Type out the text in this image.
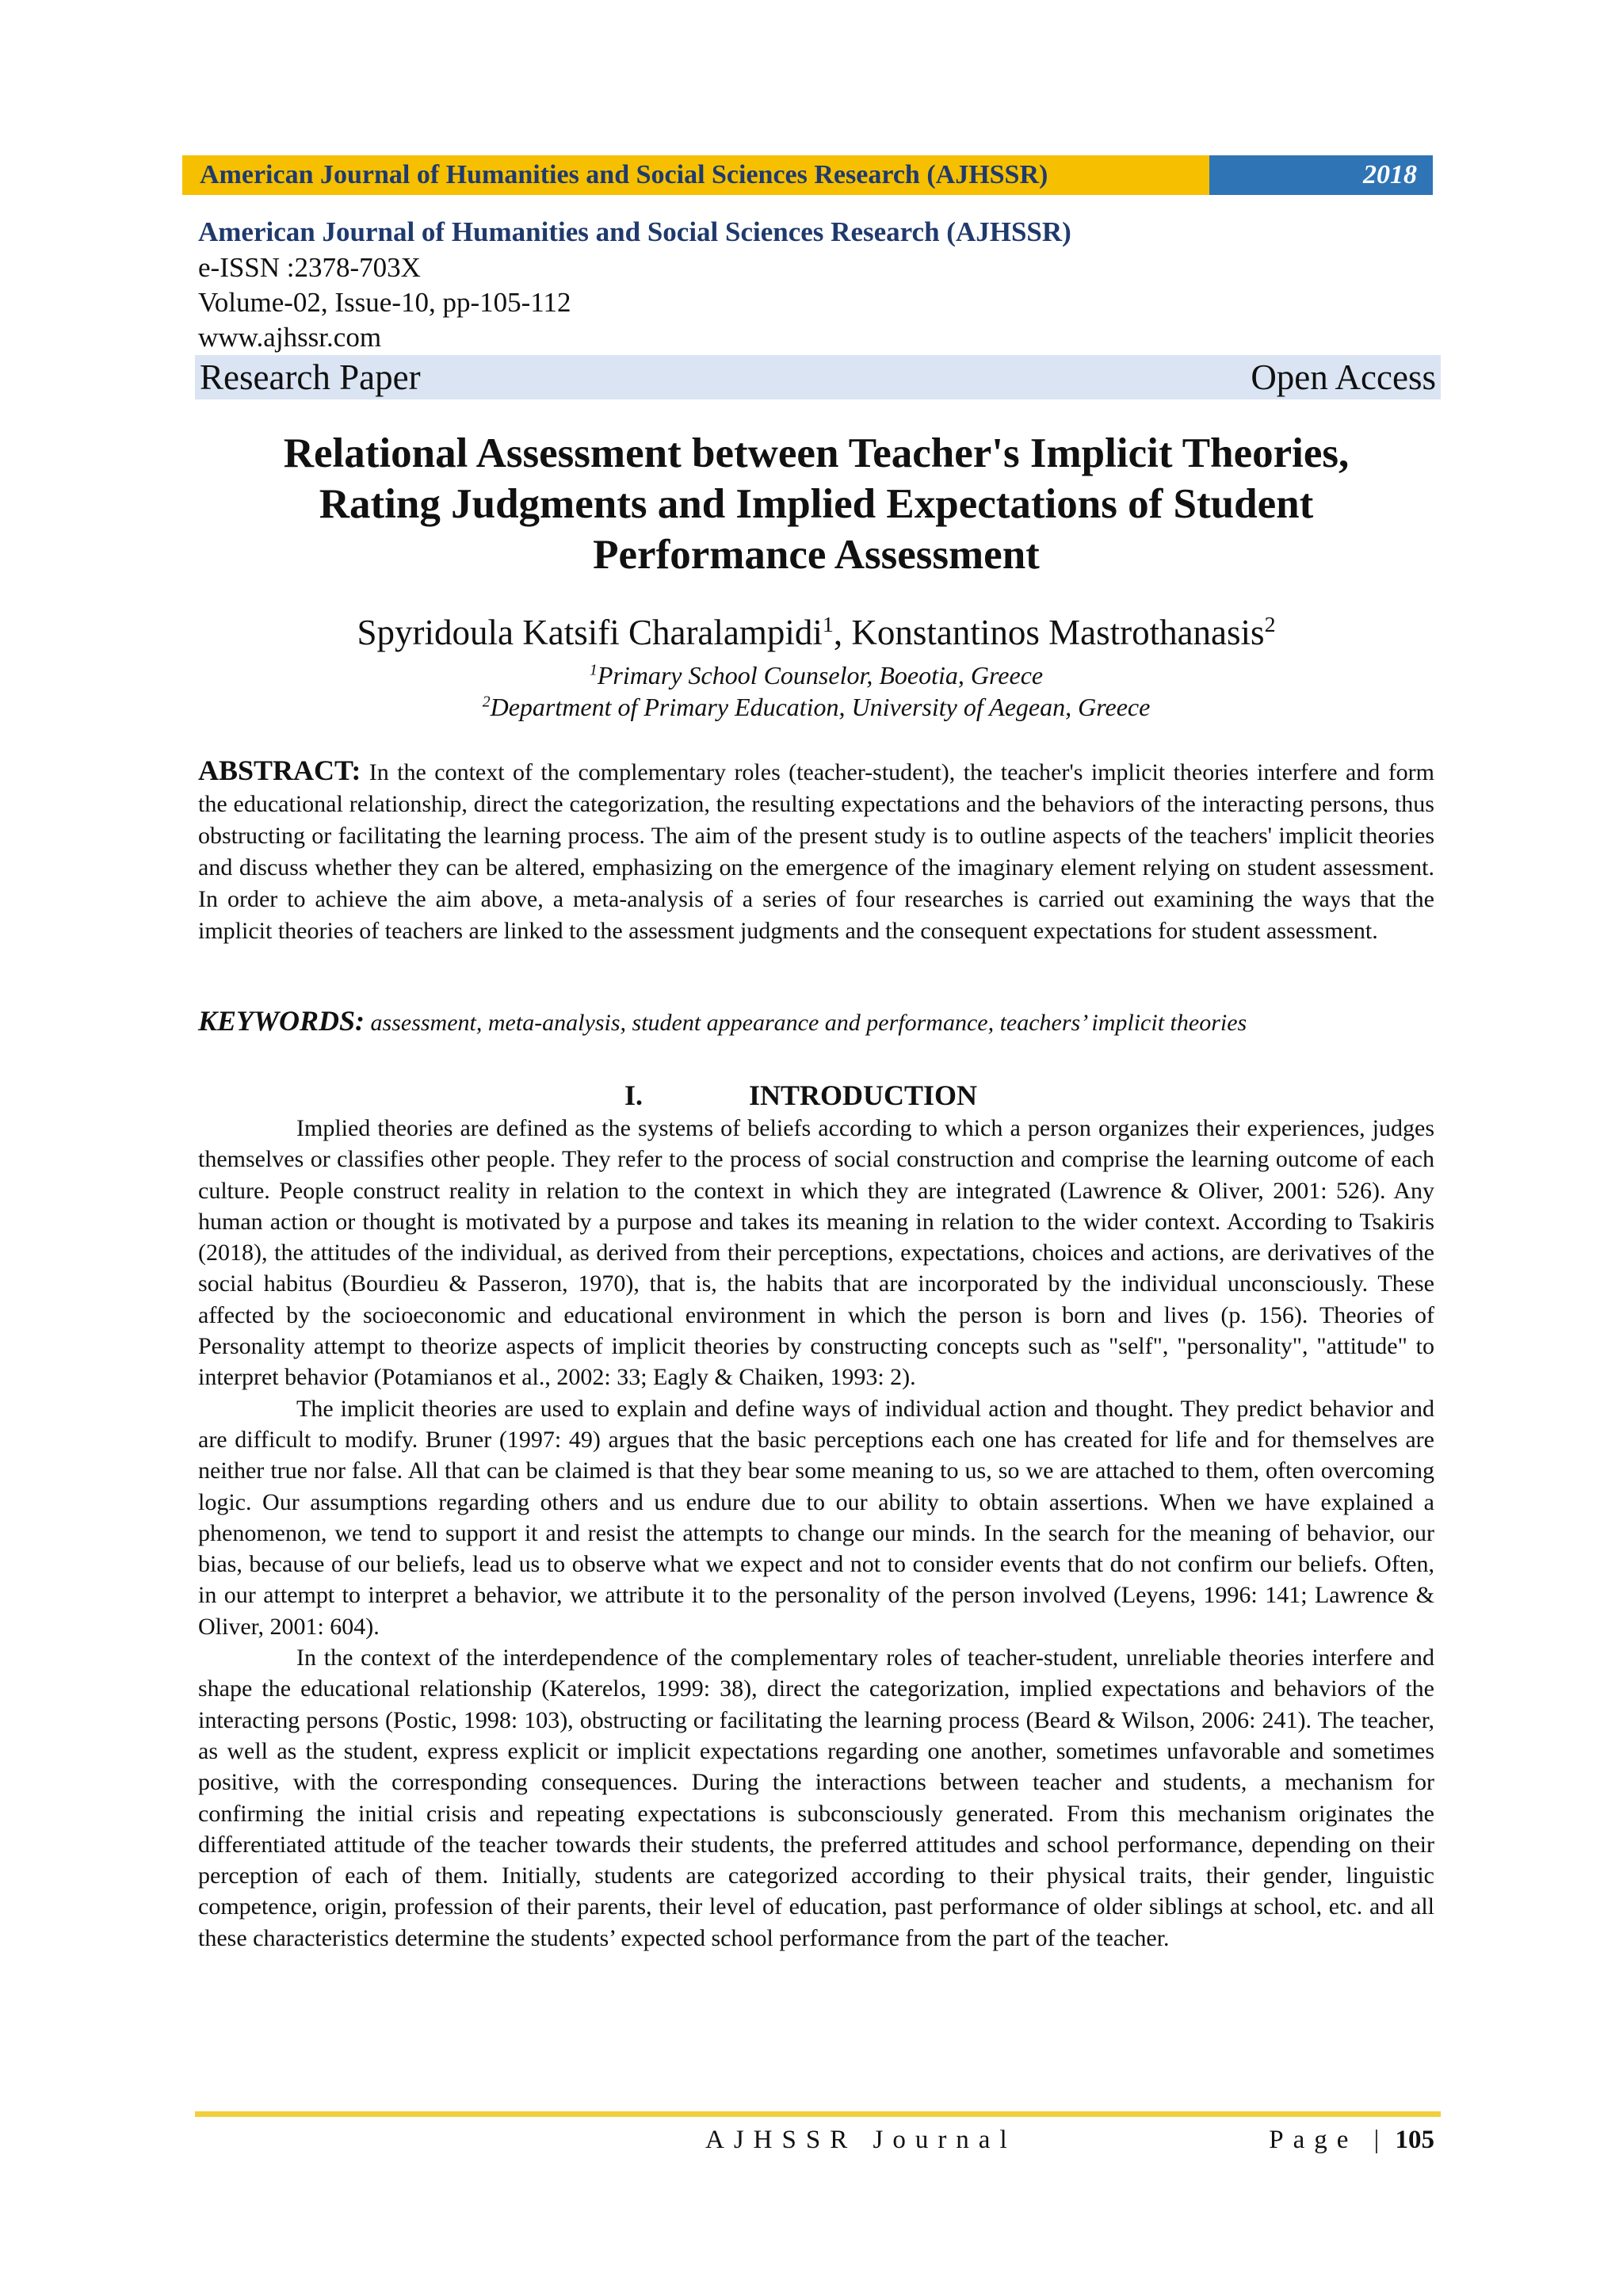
American Journal of Humanities and Social Sciences Research (AJHSSR)	2018
American Journal of Humanities and Social Sciences Research (AJHSSR)
e-ISSN :2378-703X
Volume-02, Issue-10, pp-105-112
www.ajhssr.com
Research Paper	Open Access
Relational Assessment between Teacher's Implicit Theories,
Rating Judgments and Implied Expectations of Student
Performance Assessment
Spyridoula Katsifi Charalampidi$^1$, Konstantinos Mastrothanasis$^2$
$^1$Primary School Counselor, Boeotia, Greece
$^2$Department of Primary Education, University of Aegean, Greece
ABSTRACT: In the context of the complementary roles (teacher-student), the teacher's implicit theories interfere and form the educational relationship, direct the categorization, the resulting expectations and the behaviors of the interacting persons, thus obstructing or facilitating the learning process. The aim of the present study is to outline aspects of the teachers' implicit theories and discuss whether they can be altered, emphasizing on the emergence of the imaginary element relying on student assessment. In order to achieve the aim above, a meta-analysis of a series of four researches is carried out examining the ways that the implicit theories of teachers are linked to the assessment judgments and the consequent expectations for student assessment.
KEYWORDS: assessment, meta-analysis, student appearance and performance, teachers’ implicit theories
I.	INTRODUCTION

Implied theories are defined as the systems of beliefs according to which a person organizes their experiences, judges themselves or classifies other people. They refer to the process of social construction and comprise the learning outcome of each culture. People construct reality in relation to the context in which they are integrated (Lawrence & Oliver, 2001: 526). Any human action or thought is motivated by a purpose and takes its meaning in relation to the wider context. According to Tsakiris (2018), the attitudes of the individual, as derived from their perceptions, expectations, choices and actions, are derivatives of the social habitus (Bourdieu & Passeron, 1970), that is, the habits that are incorporated by the individual unconsciously. These affected by the socioeconomic and educational environment in which the person is born and lives (p. 156). Theories of Personality attempt to theorize aspects of implicit theories by constructing concepts such as "self", "personality", "attitude" to interpret behavior (Potamianos et al., 2002: 33; Eagly & Chaiken, 1993: 2).

The implicit theories are used to explain and define ways of individual action and thought. They predict behavior and are difficult to modify. Bruner (1997: 49) argues that the basic perceptions each one has created for life and for themselves are neither true nor false. All that can be claimed is that they bear some meaning to us, so we are attached to them, often overcoming logic. Our assumptions regarding others and us endure due to our ability to obtain assertions. When we have explained a phenomenon, we tend to support it and resist the attempts to change our minds. In the search for the meaning of behavior, our bias, because of our beliefs, lead us to observe what we expect and not to consider events that do not confirm our beliefs. Often, in our attempt to interpret a behavior, we attribute it to the personality of the person involved (Leyens, 1996: 141; Lawrence & Oliver, 2001: 604).

In the context of the interdependence of the complementary roles of teacher-student, unreliable theories interfere and shape the educational relationship (Katerelos, 1999: 38), direct the categorization, implied expectations and behaviors of the interacting persons (Postic, 1998: 103), obstructing or facilitating the learning process (Beard & Wilson, 2006: 241). The teacher, as well as the student, express explicit or implicit expectations regarding one another, sometimes unfavorable and sometimes positive, with the corresponding consequences. During the interactions between teacher and students, a mechanism for confirming the initial crisis and repeating expectations is subconsciously generated. From this mechanism originates the differentiated attitude of the teacher towards their students, the preferred attitudes and school performance, depending on their perception of each of them. Initially, students are categorized according to their physical traits, their gender, linguistic competence, origin, profession of their parents, their level of education, past performance of older siblings at school, etc. and all these characteristics determine the students’ expected school performance from the part of the teacher.

AJHSSR Journal	Page | 105
